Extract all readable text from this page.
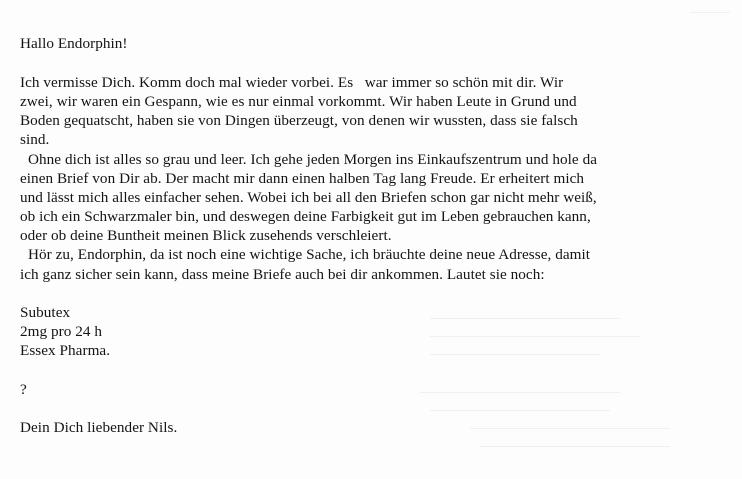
Hallo Endorphin!
Ich vermisse Dich. Komm doch mal wieder vorbei. Es   war immer so schön mit dir. Wir
zwei, wir waren ein Gespann, wie es nur einmal vorkommt. Wir haben Leute in Grund und
Boden gequatscht, haben sie von Dingen überzeugt, von denen wir wussten, dass sie falsch
sind.
Ohne dich ist alles so grau und leer. Ich gehe jeden Morgen ins Einkaufszentrum und hole da
einen Brief von Dir ab. Der macht mir dann einen halben Tag lang Freude. Er erheitert mich
und lässt mich alles einfacher sehen. Wobei ich bei all den Briefen schon gar nicht mehr weiß,
ob ich ein Schwarzmaler bin, und deswegen deine Farbigkeit gut im Leben gebrauchen kann,
oder ob deine Buntheit meinen Blick zusehends verschleiert.
Hör zu, Endorphin, da ist noch eine wichtige Sache, ich bräuchte deine neue Adresse, damit
ich ganz sicher sein kann, dass meine Briefe auch bei dir ankommen. Lautet sie noch:
Subutex
2mg pro 24 h
Essex Pharma.
?
Dein Dich liebender Nils.
